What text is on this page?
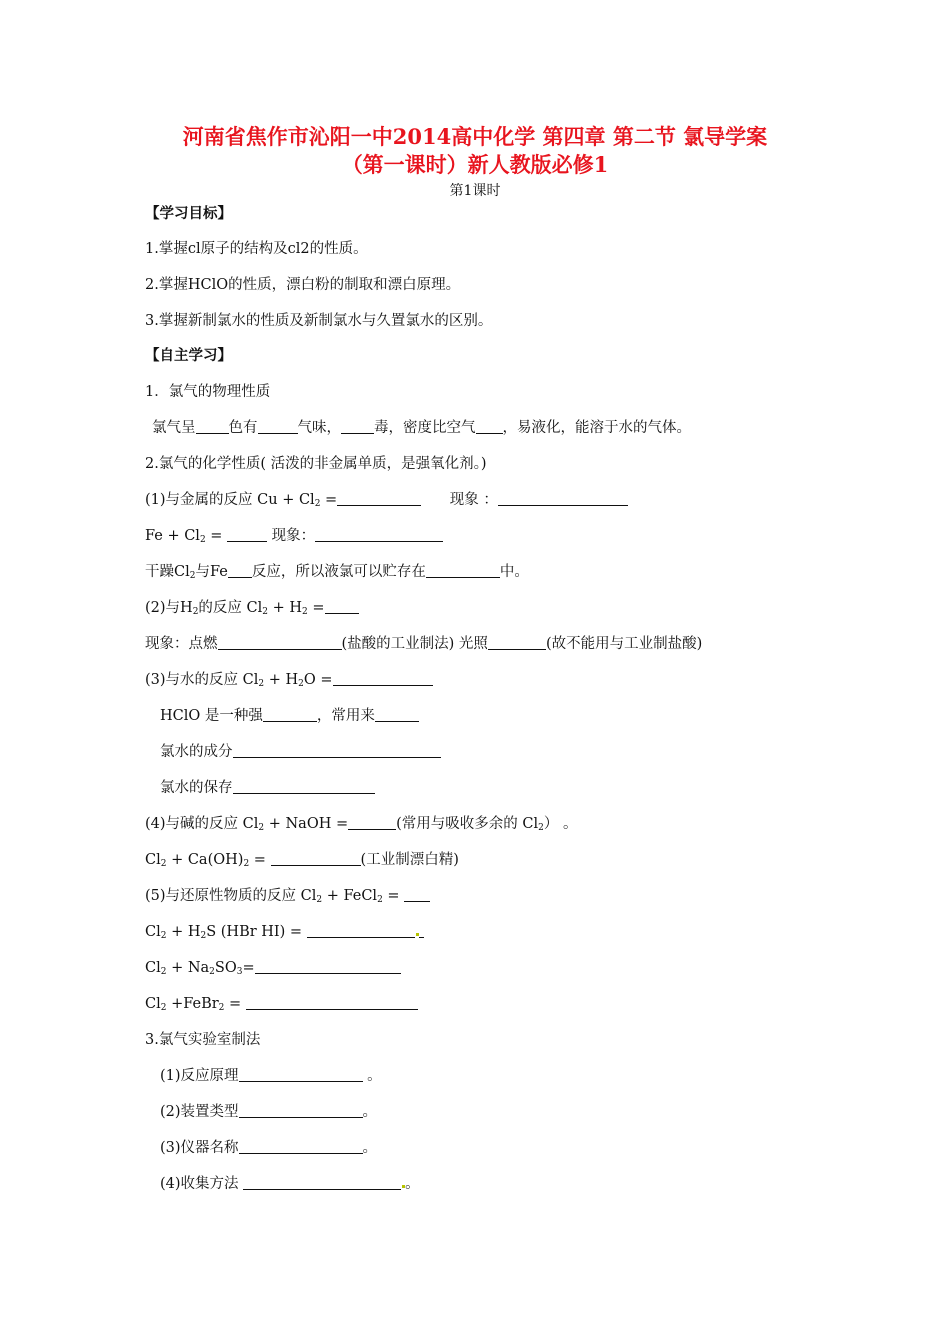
河南省焦作市沁阳一中2014高中化学 第四章 第二节 氯导学案
（第一课时）新人教版必修1
第1课时
【学习目标】
1.掌握cl原子的结构及cl2的性质。
2.掌握HClO的性质，漂白粉的制取和漂白原理。
3.掌握新制氯水的性质及新制氯水与久置氯水的区别。
【自主学习】
1．氯气的物理性质
氯气呈 色有	气味， 毒，密度比空气 ，易液化，能溶于水的气体。
2.氯气的化学性质( 活泼的非金属单质，是强氧化剂。)
(1)与金属的反应 $Cu + Cl_2$ =	现象 ：
$Fe + Cl_2$ =	现象：
干躁$Cl_2$与Fe 反应，所以液氯可以贮存在	中。
(2)与$H_2$的反应 $Cl_2 + H_2$ =
现象：点燃	(盐酸的工业制法) 光照	(故不能用与工业制盐酸)
(3)与水的反应 $Cl_2 + H_2O$ =
HClO 是一种强	，常用来
氯水的成分
氯水的保存
(4)与碱的反应 $Cl_2$ + NaOH =	(常用与吸收多余的 $Cl_2$） 。
$Cl_2 + Ca(OH)_2$ =	(工业制漂白精)
(5)与还原性物质的反应 $Cl_2$ + FeCl$_2$ =
$Cl_2 + H_2S$ (HBr HI) =
$Cl_2 + Na_2SO_3=$
$Cl_2$ +FeBr$_2$ =
3.氯气实验室制法
(1)反应原理	。
(2)装置类型	。
(3)仪器名称	。
(4)收集方法	。
